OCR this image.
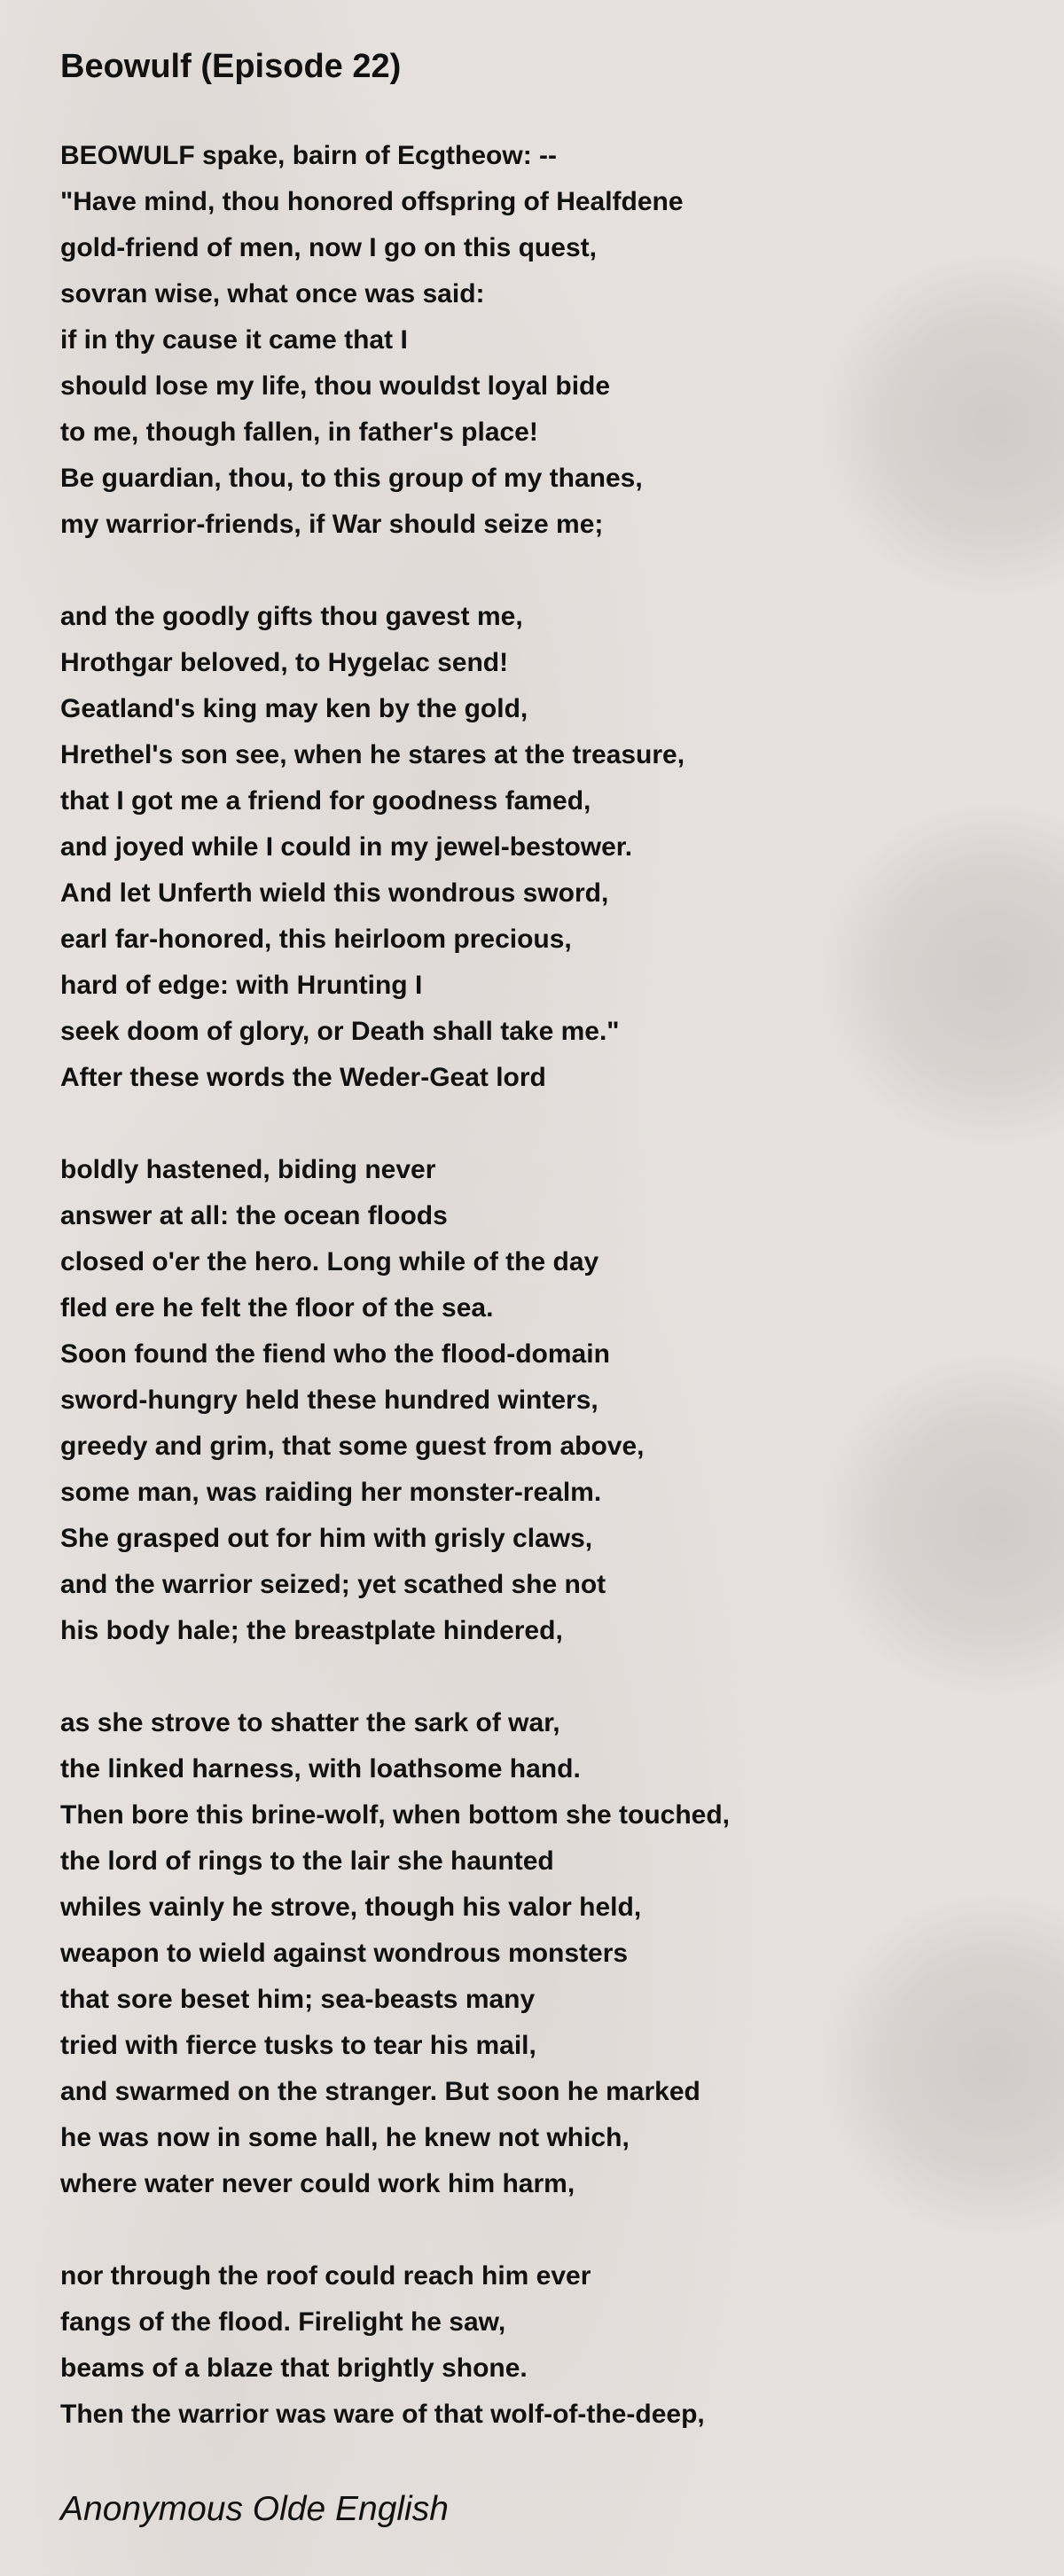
Beowulf (Episode 22)
BEOWULF spake, bairn of Ecgtheow: --
"Have mind, thou honored offspring of Healfdene
gold-friend of men, now I go on this quest,
sovran wise, what once was said:
if in thy cause it came that I
should lose my life, thou wouldst loyal bide
to me, though fallen, in father's place!
Be guardian, thou, to this group of my thanes,
my warrior-friends, if War should seize me;
and the goodly gifts thou gavest me,
Hrothgar beloved, to Hygelac send!
Geatland's king may ken by the gold,
Hrethel's son see, when he stares at the treasure,
that I got me a friend for goodness famed,
and joyed while I could in my jewel-bestower.
And let Unferth wield this wondrous sword,
earl far-honored, this heirloom precious,
hard of edge: with Hrunting I
seek doom of glory, or Death shall take me."
After these words the Weder-Geat lord
boldly hastened, biding never
answer at all: the ocean floods
closed o'er the hero. Long while of the day
fled ere he felt the floor of the sea.
Soon found the fiend who the flood-domain
sword-hungry held these hundred winters,
greedy and grim, that some guest from above,
some man, was raiding her monster-realm.
She grasped out for him with grisly claws,
and the warrior seized; yet scathed she not
his body hale; the breastplate hindered,
as she strove to shatter the sark of war,
the linked harness, with loathsome hand.
Then bore this brine-wolf, when bottom she touched,
the lord of rings to the lair she haunted
whiles vainly he strove, though his valor held,
weapon to wield against wondrous monsters
that sore beset him; sea-beasts many
tried with fierce tusks to tear his mail,
and swarmed on the stranger. But soon he marked
he was now in some hall, he knew not which,
where water never could work him harm,
nor through the roof could reach him ever
fangs of the flood. Firelight he saw,
beams of a blaze that brightly shone.
Then the warrior was ware of that wolf-of-the-deep,
Anonymous Olde English
